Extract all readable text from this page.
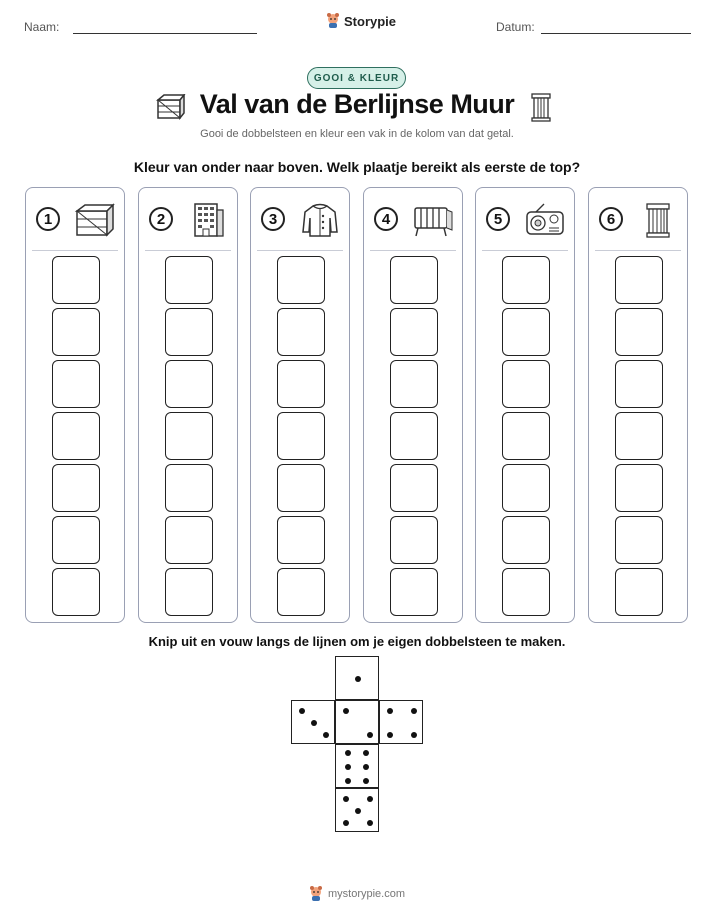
Naam:	Storypie	Datum:
GOOI & KLEUR
Val van de Berlijnse Muur
Gooi de dobbelsteen en kleur een vak in de kolom van dat getal.
Kleur van onder naar boven. Welk plaatje bereikt als eerste de top?
1	2	3	4	5	6
Knip uit en vouw langs de lijnen om je eigen dobbelsteen te maken.
mystorypie.com
